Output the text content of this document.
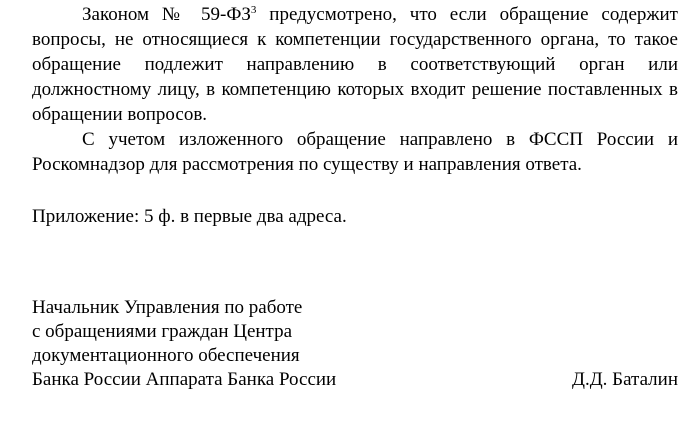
Законом № $59-ФЗ^3$ предусмотрено, что если обращение содержит вопросы, не относящиеся к компетенции государственного органа, то такое обращение подлежит направлению в соответствующий орган или должностному лицу, в компетенцию которых входит решение поставленных в обращении вопросов.

С учетом изложенного обращение направлено в ФССП России и Роскомнадзор для рассмотрения по существу и направления ответа.

Приложение: 5 ф. в первые два адреса.

Начальник Управления по работе
с обращениями граждан Центра
документационного обеспечения
Банка России Аппарата Банка России	Д.Д. Баталин
